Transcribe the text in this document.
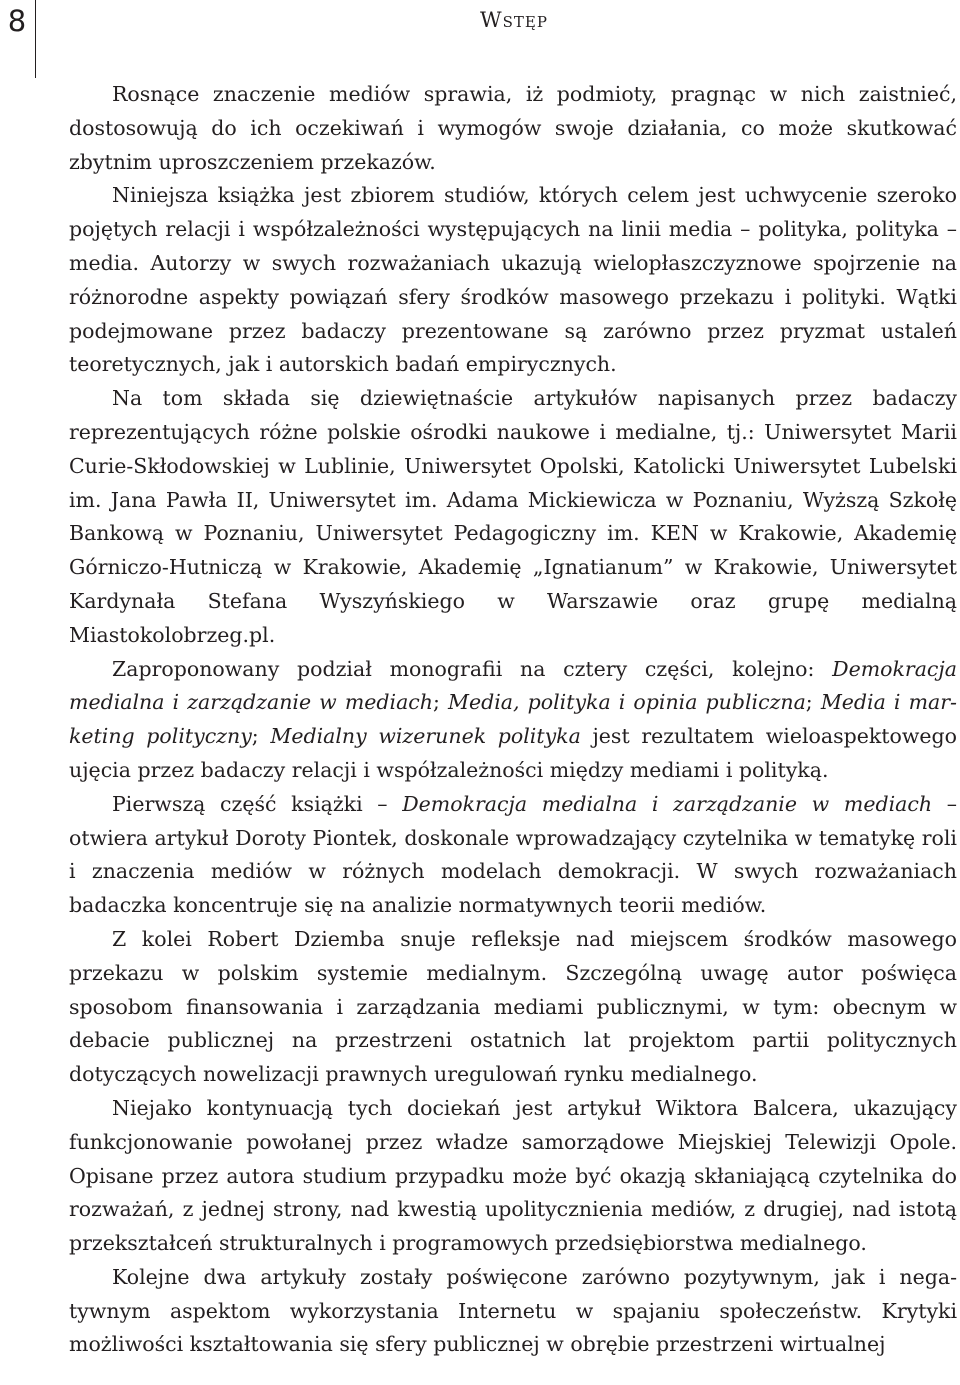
8	Wstęp

Rosnące znaczenie mediów sprawia, iż podmioty, pragnąc w nich zaistnieć, dostosowują do ich oczekiwań i wymogów swoje działania, co może skutkować zbytnim uproszczeniem przekazów.

Niniejsza książka jest zbiorem studiów, których celem jest uchwycenie szeroko pojętych relacji i współzależności występujących na linii media – polityka, polityka – media. Autorzy w swych rozważaniach ukazują wielopłaszczyznowe spojrzenie na różnorodne aspekty powiązań sfery środków masowego przekazu i polityki. Wątki podejmowane przez badaczy prezentowane są zarówno przez pryzmat ustaleń teoretycznych, jak i autorskich badań empirycznych.

Na tom składa się dziewiętnaście artykułów napisanych przez badaczy reprezentujących różne polskie ośrodki naukowe i medialne, tj.: Uniwersytet Marii Curie-Skłodowskiej w Lublinie, Uniwersytet Opolski, Katolicki Uniwersytet Lubelski im. Jana Pawła II, Uniwersytet im. Adama Mickiewicza w Poznaniu, Wyższą Szkołę Bankową w Poznaniu, Uniwersytet Pedagogiczny im. KEN w Krakowie, Akademię Górniczo-Hutniczą w Krakowie, Akademię „Ignatianum” w Krakowie, Uniwersytet Kardynała Stefana Wyszyńskiego w Warszawie oraz grupę medialną Miastokolobrzeg.pl.

Zaproponowany podział monografii na cztery części, kolejno: Demokracja medialna i zarządzanie w mediach; Media, polityka i opinia publiczna; Media i marketing polityczny; Medialny wizerunek polityka jest rezultatem wieloaspektowego ujęcia przez badaczy relacji i współzależności między mediami i polityką.

Pierwszą część książki – Demokracja medialna i zarządzanie w mediach – otwiera artykuł Doroty Piontek, doskonale wprowadzający czytelnika w tematykę roli i znaczenia mediów w różnych modelach demokracji. W swych rozważaniach badaczka koncentruje się na analizie normatywnych teorii mediów.

Z kolei Robert Dziemba snuje refleksje nad miejscem środków masowego przekazu w polskim systemie medialnym. Szczególną uwagę autor poświęca sposobom finansowania i zarządzania mediami publicznymi, w tym: obecnym w debacie publicznej na przestrzeni ostatnich lat projektom partii politycznych dotyczących nowelizacji prawnych uregulowań rynku medialnego.

Niejako kontynuacją tych dociekań jest artykuł Wiktora Balcera, ukazujący funkcjonowanie powołanej przez władze samorządowe Miejskiej Telewizji Opole. Opisane przez autora studium przypadku może być okazją skłaniającą czytelnika do rozważań, z jednej strony, nad kwestią upolitycznienia mediów, z drugiej, nad istotą przekształceń strukturalnych i programowych przedsiębiorstwa medialnego.

Kolejne dwa artykuły zostały poświęcone zarówno pozytywnym, jak i negatywnym aspektom wykorzystania Internetu w spajaniu społeczeństw. Krytyki możliwości kształtowania się sfery publicznej w obrębie przestrzeni wirtualnej
